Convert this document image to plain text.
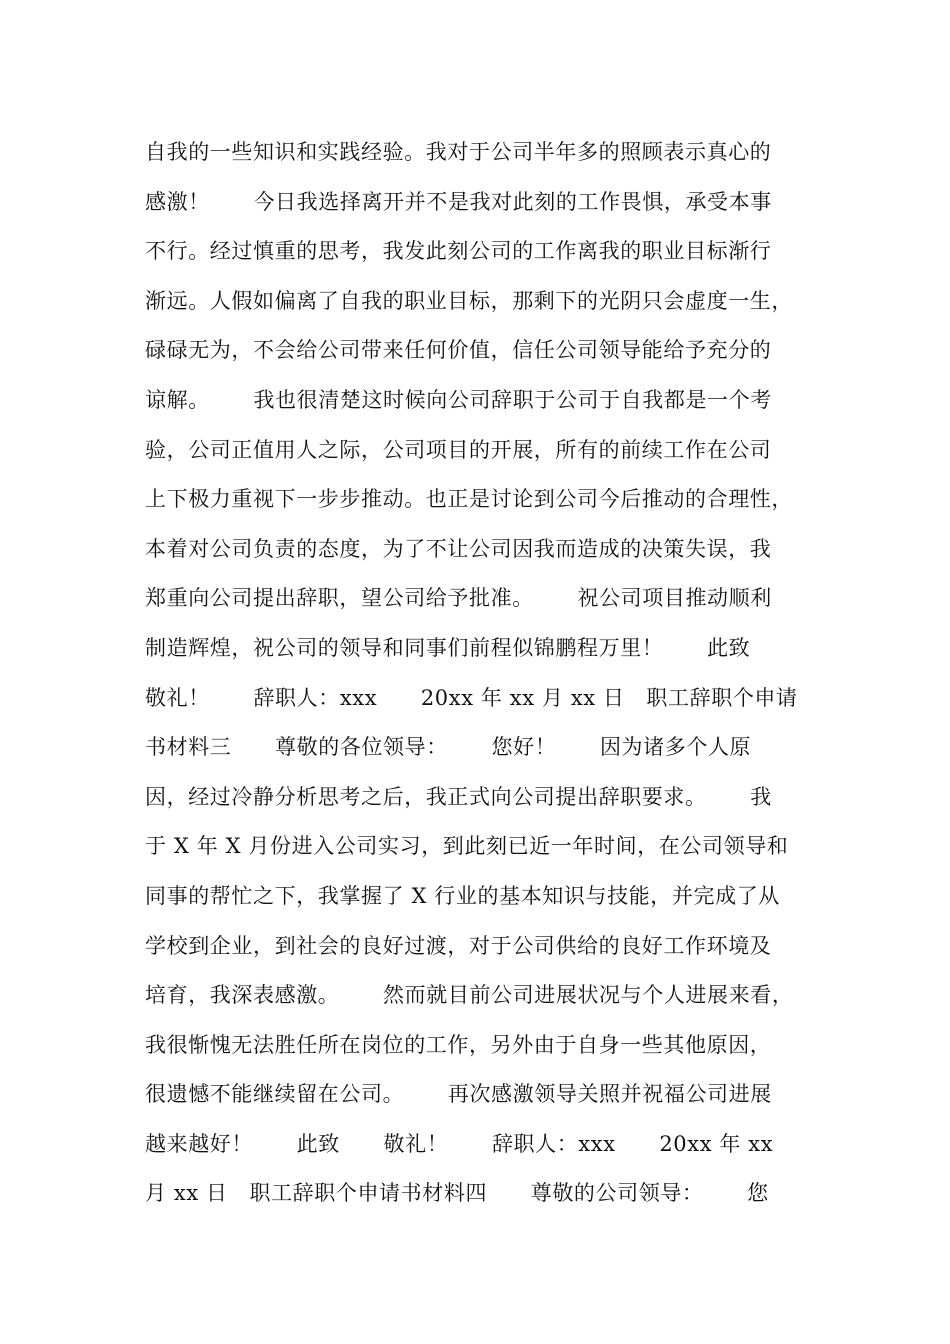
自我的一些知识和实践经验。我对于公司半年多的照顾表示真心的
感激！      今日我选择离开并不是我对此刻的工作畏惧，承受本事
不行。经过慎重的思考，我发此刻公司的工作离我的职业目标渐行
渐远。人假如偏离了自我的职业目标，那剩下的光阴只会虚度一生，
碌碌无为，不会给公司带来任何价值，信任公司领导能给予充分的
谅解。      我也很清楚这时候向公司辞职于公司于自我都是一个考
验，公司正值用人之际，公司项目的开展，所有的前续工作在公司
上下极力重视下一步步推动。也正是讨论到公司今后推动的合理性，
本着对公司负责的态度，为了不让公司因我而造成的决策失误，我
郑重向公司提出辞职，望公司给予批准。      祝公司项目推动顺利
制造辉煌，祝公司的领导和同事们前程似锦鹏程万里！      此致
敬礼！      辞职人：xxx      20xx 年 xx 月 xx 日   职工辞职个申请
书材料三      尊敬的各位领导：      您好！      因为诸多个人原
因，经过冷静分析思考之后，我正式向公司提出辞职要求。      我
于 X 年 X 月份进入公司实习，到此刻已近一年时间，在公司领导和
同事的帮忙之下，我掌握了 X 行业的基本知识与技能，并完成了从
学校到企业，到社会的良好过渡，对于公司供给的良好工作环境及
培育，我深表感激。      然而就目前公司进展状况与个人进展来看，
我很惭愧无法胜任所在岗位的工作，另外由于自身一些其他原因，
很遗憾不能继续留在公司。      再次感激领导关照并祝福公司进展
越来越好！      此致      敬礼！      辞职人：xxx      20xx 年 xx
月 xx 日   职工辞职个申请书材料四      尊敬的公司领导：      您
